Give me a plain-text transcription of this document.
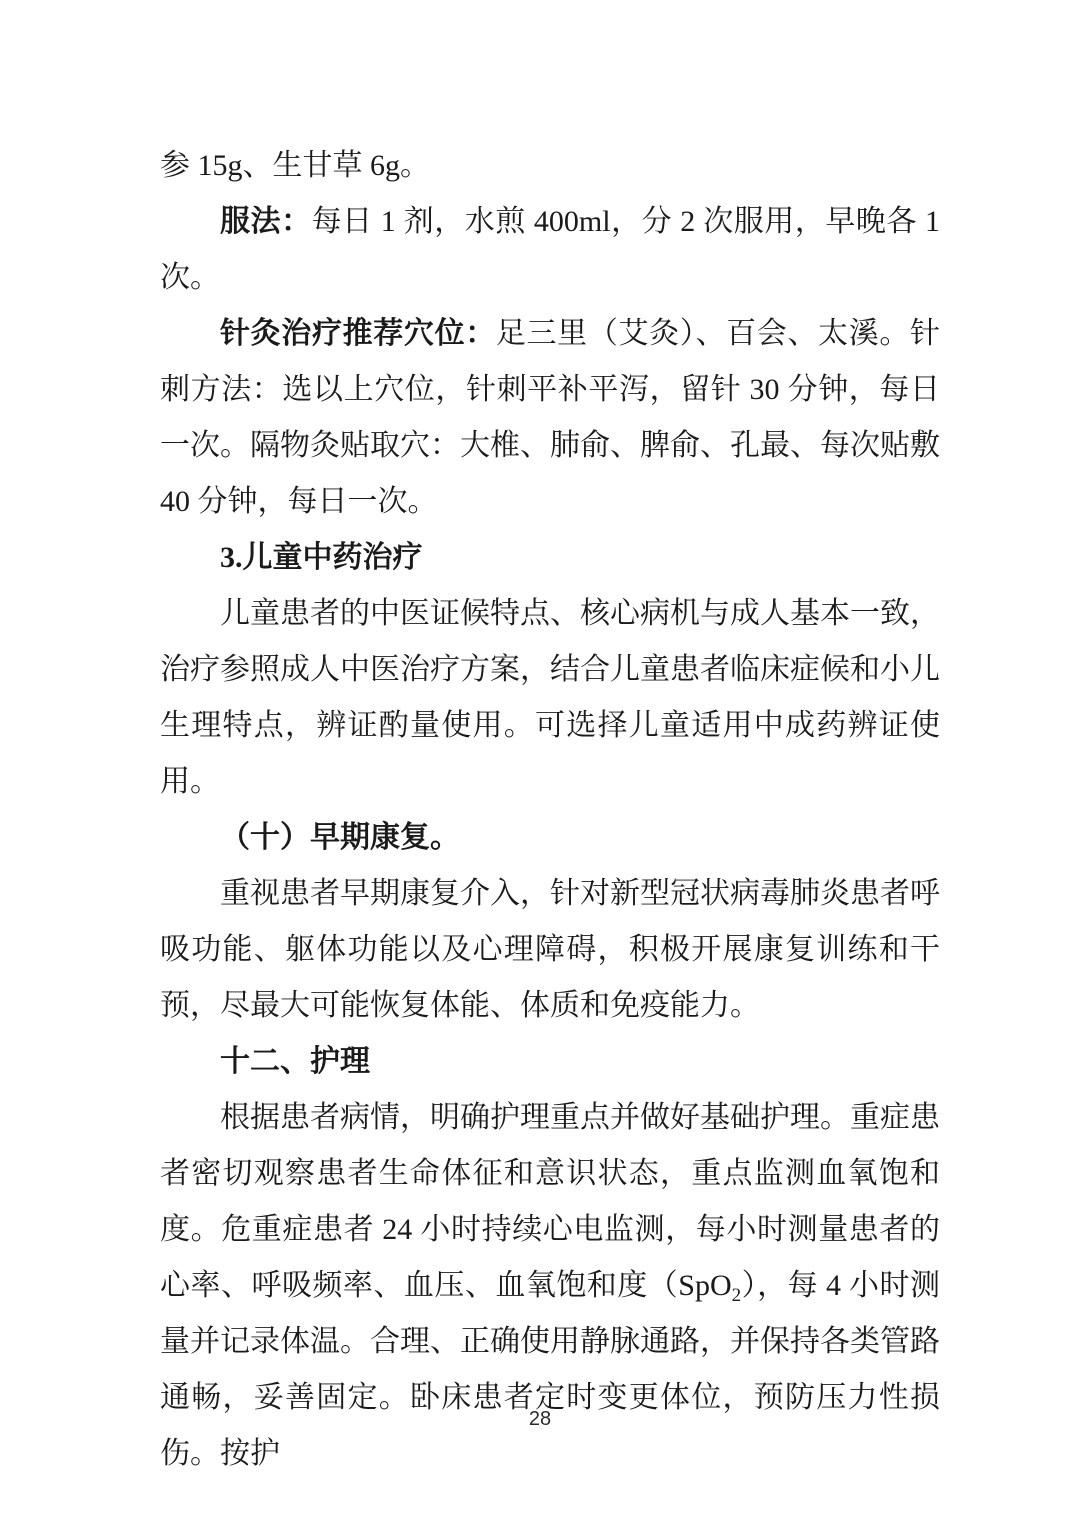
参 15g、生甘草 6g。

服法：每日 1 剂，水煎 400ml，分 2 次服用，早晚各 1 次。

针灸治疗推荐穴位：足三里（艾灸）、百会、太溪。针刺方法：选以上穴位，针刺平补平泻，留针 30 分钟，每日一次。隔物灸贴取穴：大椎、肺俞、脾俞、孔最、每次贴敷 40 分钟，每日一次。

3.儿童中药治疗

儿童患者的中医证候特点、核心病机与成人基本一致，治疗参照成人中医治疗方案，结合儿童患者临床症候和小儿生理特点，辨证酌量使用。可选择儿童适用中成药辨证使用。

（十）早期康复。

重视患者早期康复介入，针对新型冠状病毒肺炎患者呼吸功能、躯体功能以及心理障碍，积极开展康复训练和干预，尽最大可能恢复体能、体质和免疫能力。

十二、护理

根据患者病情，明确护理重点并做好基础护理。重症患者密切观察患者生命体征和意识状态，重点监测血氧饱和度。危重症患者 24 小时持续心电监测，每小时测量患者的心率、呼吸频率、血压、血氧饱和度（SpO$_2$），每 4 小时测量并记录体温。合理、正确使用静脉通路，并保持各类管路通畅，妥善固定。卧床患者定时变更体位，预防压力性损伤。按护

28
